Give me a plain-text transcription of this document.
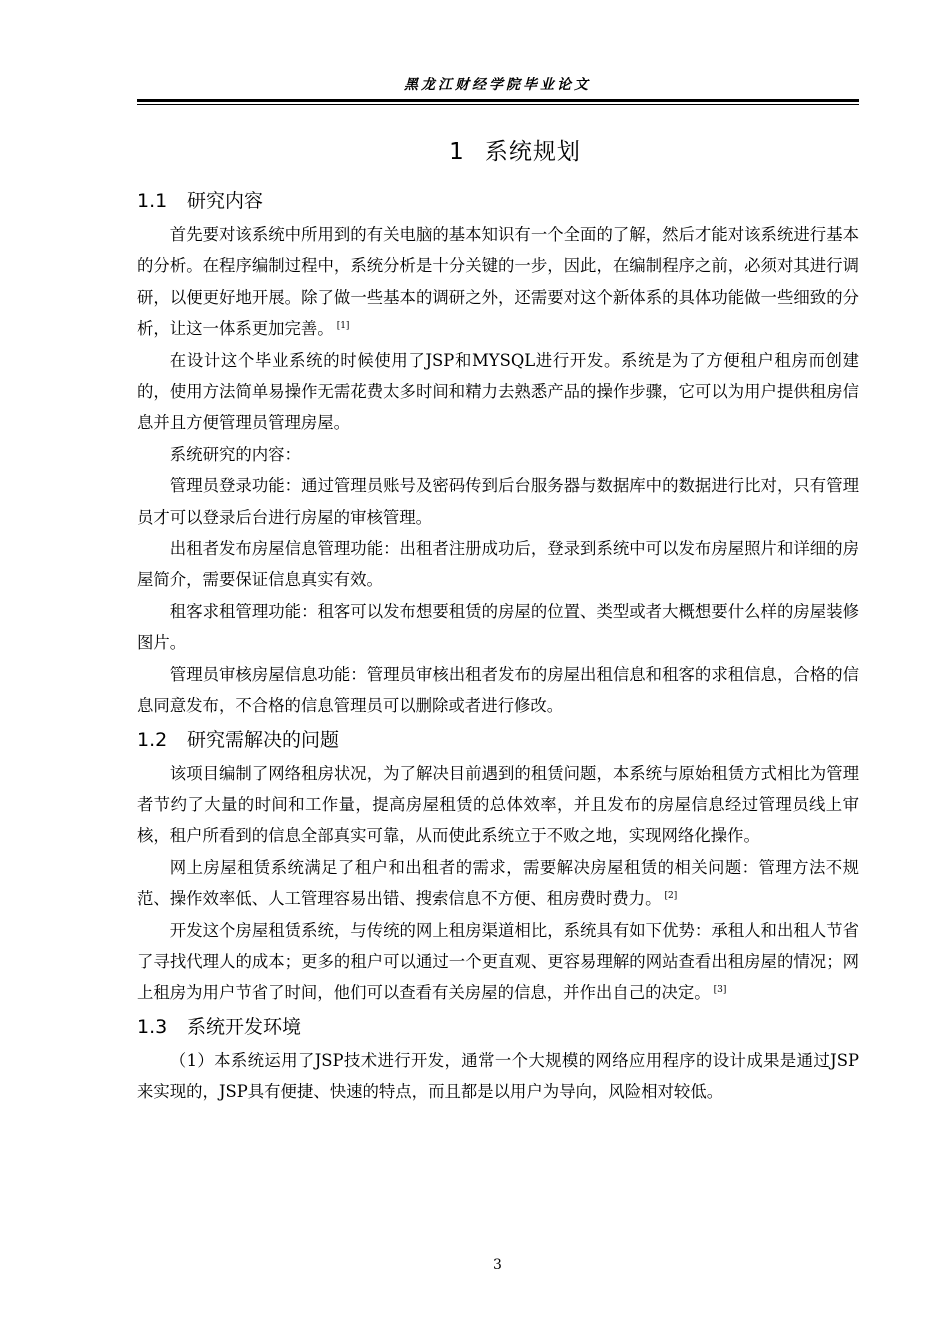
黑龙江财经学院毕业论文
1 系统规划
1.1 研究内容

首先要对该系统中所用到的有关电脑的基本知识有一个全面的了解，然后才能对该系统进行基本的分析。在程序编制过程中，系统分析是十分关键的一步，因此，在编制程序之前，必须对其进行调研，以便更好地开展。除了做一些基本的调研之外，还需要对这个新体系的具体功能做一些细致的分析，让这一体系更加完善。 [1]

在设计这个毕业系统的时候使用了JSP和MYSQL进行开发。系统是为了方便租户租房而创建的，使用方法简单易操作无需花费太多时间和精力去熟悉产品的操作步骤，它可以为用户提供租房信息并且方便管理员管理房屋。

系统研究的内容：

管理员登录功能：通过管理员账号及密码传到后台服务器与数据库中的数据进行比对，只有管理员才可以登录后台进行房屋的审核管理。

出租者发布房屋信息管理功能：出租者注册成功后，登录到系统中可以发布房屋照片和详细的房屋简介，需要保证信息真实有效。

租客求租管理功能：租客可以发布想要租赁的房屋的位置、类型或者大概想要什么样的房屋装修图片。

管理员审核房屋信息功能：管理员审核出租者发布的房屋出租信息和租客的求租信息，合格的信息同意发布，不合格的信息管理员可以删除或者进行修改。

1.2 研究需解决的问题

该项目编制了网络租房状况，为了解决目前遇到的租赁问题，本系统与原始租赁方式相比为管理者节约了大量的时间和工作量，提高房屋租赁的总体效率，并且发布的房屋信息经过管理员线上审核，租户所看到的信息全部真实可靠，从而使此系统立于不败之地，实现网络化操作。

网上房屋租赁系统满足了租户和出租者的需求，需要解决房屋租赁的相关问题：管理方法不规范、操作效率低、人工管理容易出错、搜索信息不方便、租房费时费力。 [2]

开发这个房屋租赁系统，与传统的网上租房渠道相比，系统具有如下优势：承租人和出租人节省了寻找代理人的成本；更多的租户可以通过一个更直观、更容易理解的网站查看出租房屋的情况；网上租房为用户节省了时间，他们可以查看有关房屋的信息，并作出自己的决定。 [3]

1.3 系统开发环境

（1）本系统运用了JSP技术进行开发，通常一个大规模的网络应用程序的设计成果是通过JSP来实现的，JSP具有便捷、快速的特点，而且都是以用户为导向，风险相对较低。

3
